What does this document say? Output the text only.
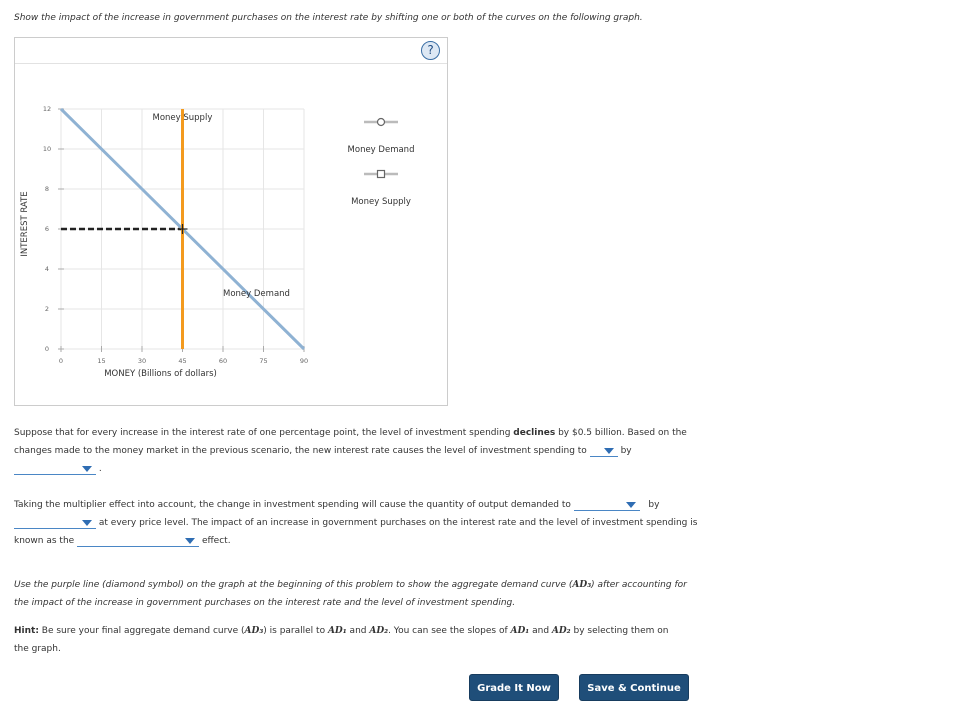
Show the impact of the increase in government purchases on the interest rate by shifting one or both of the curves on the following graph.
?
0	15	30	45	60	75	90
0
2
4
6
8
10
12
MONEY (Billions of dollars)
INTEREST RATE
Money Supply
Money Demand
Money Demand
Money Supply
Suppose that for every increase in the interest rate of one percentage point, the level of investment spending declines by $0.5 billion. Based on the
changes made to the money market in the previous scenario, the new interest rate causes the level of investment spending to	by
.
Taking the multiplier effect into account, the change in investment spending will cause the quantity of output demanded to	by
at every price level. The impact of an increase in government purchases on the interest rate and the level of investment spending is
known as the	effect.
Use the purple line (diamond symbol) on the graph at the beginning of this problem to show the aggregate demand curve (AD₃) after accounting for
the impact of the increase in government purchases on the interest rate and the level of investment spending.
Hint: Be sure your final aggregate demand curve (AD₃) is parallel to AD₁ and AD₂. You can see the slopes of AD₁ and AD₂ by selecting them on
the graph.
Grade It Now	Save & Continue
